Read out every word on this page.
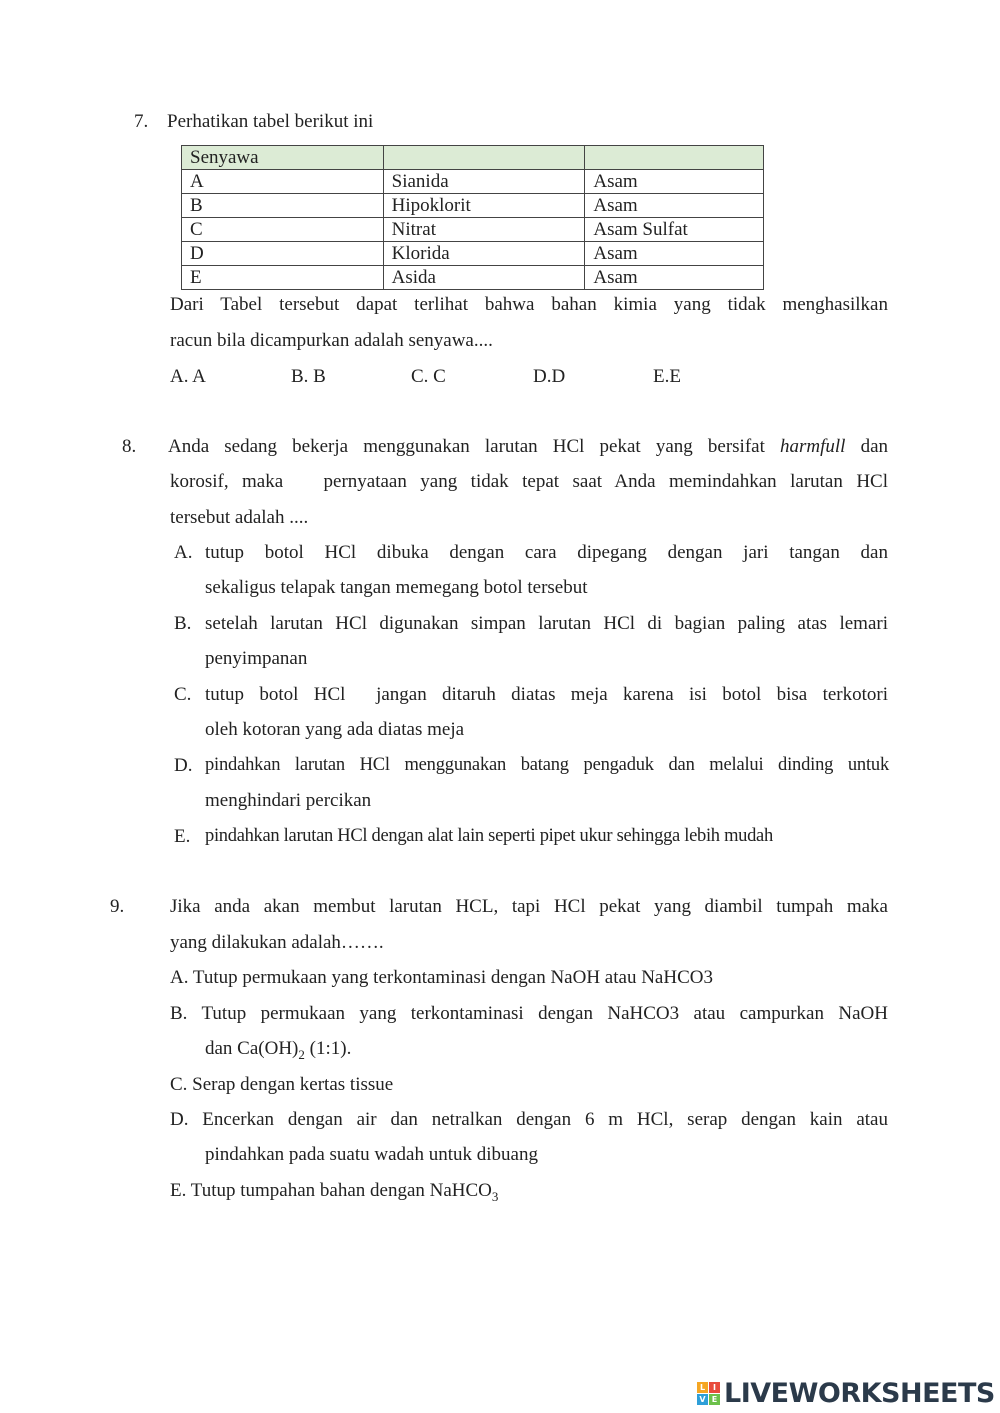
7. Perhatikan tabel berikut ini
Senyawa		
A	Sianida	Asam
B	Hipoklorit	Asam
C	Nitrat	Asam Sulfat
D	Klorida	Asam
E	Asida	Asam
Dari Tabel tersebut dapat terlihat bahwa bahan kimia yang tidak menghasilkan
racun bila dicampurkan adalah senyawa....
A. A	B. B	C. C	D.D	E.E
8. Anda sedang bekerja menggunakan larutan HCl pekat yang bersifat harmfull dan
korosif, maka   pernyataan yang tidak tepat saat Anda memindahkan larutan HCl
tersebut adalah ....
A. tutup botol HCl dibuka dengan cara dipegang dengan jari tangan dan
sekaligus telapak tangan memegang botol tersebut
B. setelah larutan HCl digunakan simpan larutan HCl di bagian paling atas lemari
penyimpanan
C. tutup botol HCl  jangan ditaruh diatas meja karena isi botol bisa terkotori
oleh kotoran yang ada diatas meja
D. pindahkan larutan HCl menggunakan batang pengaduk dan melalui dinding untuk
menghindari percikan
E. pindahkan larutan HCl dengan alat lain seperti pipet ukur sehingga lebih mudah
9. Jika anda akan membut larutan HCL, tapi HCl pekat yang diambil tumpah maka
yang dilakukan adalah…….
A. Tutup permukaan yang terkontaminasi dengan NaOH atau NaHCO3
B. Tutup permukaan yang terkontaminasi dengan NaHCO3 atau campurkan NaOH
dan $Ca(OH)_2$ (1:1).
C. Serap dengan kertas tissue
D. Encerkan dengan air dan netralkan dengan 6 m HCl, serap dengan kain atau
pindahkan pada suatu wadah untuk dibuang
E. Tutup tumpahan bahan dengan NaHCO$_3$
L I
V E LIVEWORKSHEETS
